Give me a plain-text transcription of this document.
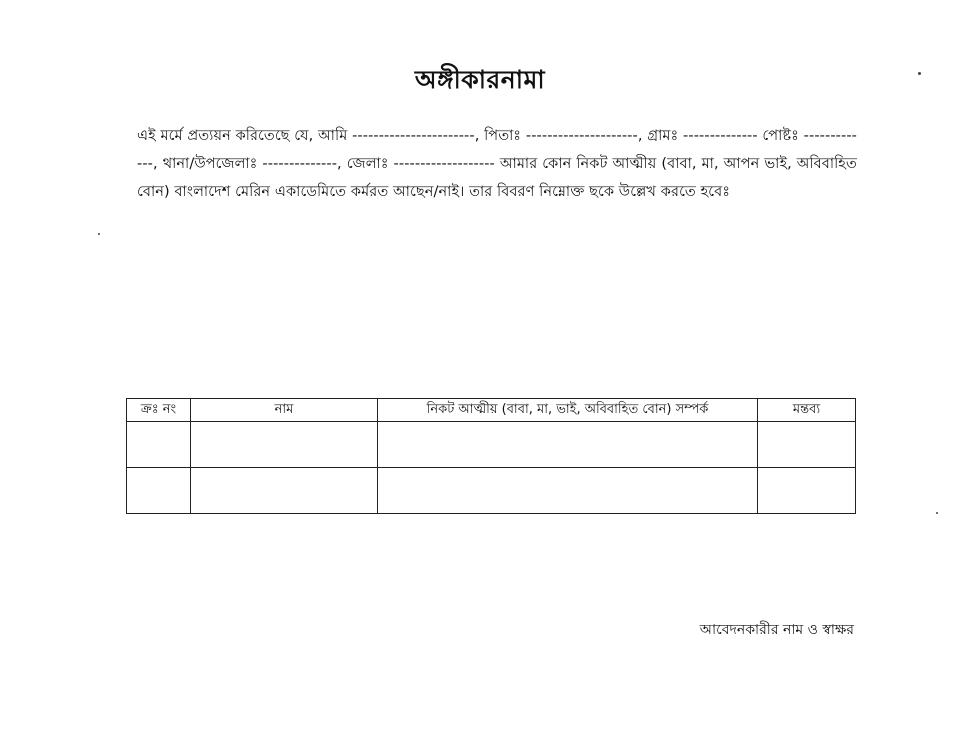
অঙ্গীকারনামা

এই মর্মে প্রত্যয়ন করিতেছে যে, আমি -----------------------, পিতাঃ ---------------------, গ্রামঃ -------------- পোষ্টঃ -------------, থানা/উপজেলাঃ --------------, জেলাঃ ------------------- আমার কোন নিকট আত্মীয় (বাবা, মা, আপন ভাই, অবিবাহিত বোন) বাংলাদেশ মেরিন একাডেমিতে কর্মরত আছেন/নাই। তার বিবরণ নিম্নোক্ত ছকে উল্লেখ করতে হবেঃ

ক্রঃ নং	নাম	নিকট আত্মীয় (বাবা, মা, ভাই, অবিবাহিত বোন) সম্পর্ক	মন্তব্য

আবেদনকারীর নাম ও স্বাক্ষর
